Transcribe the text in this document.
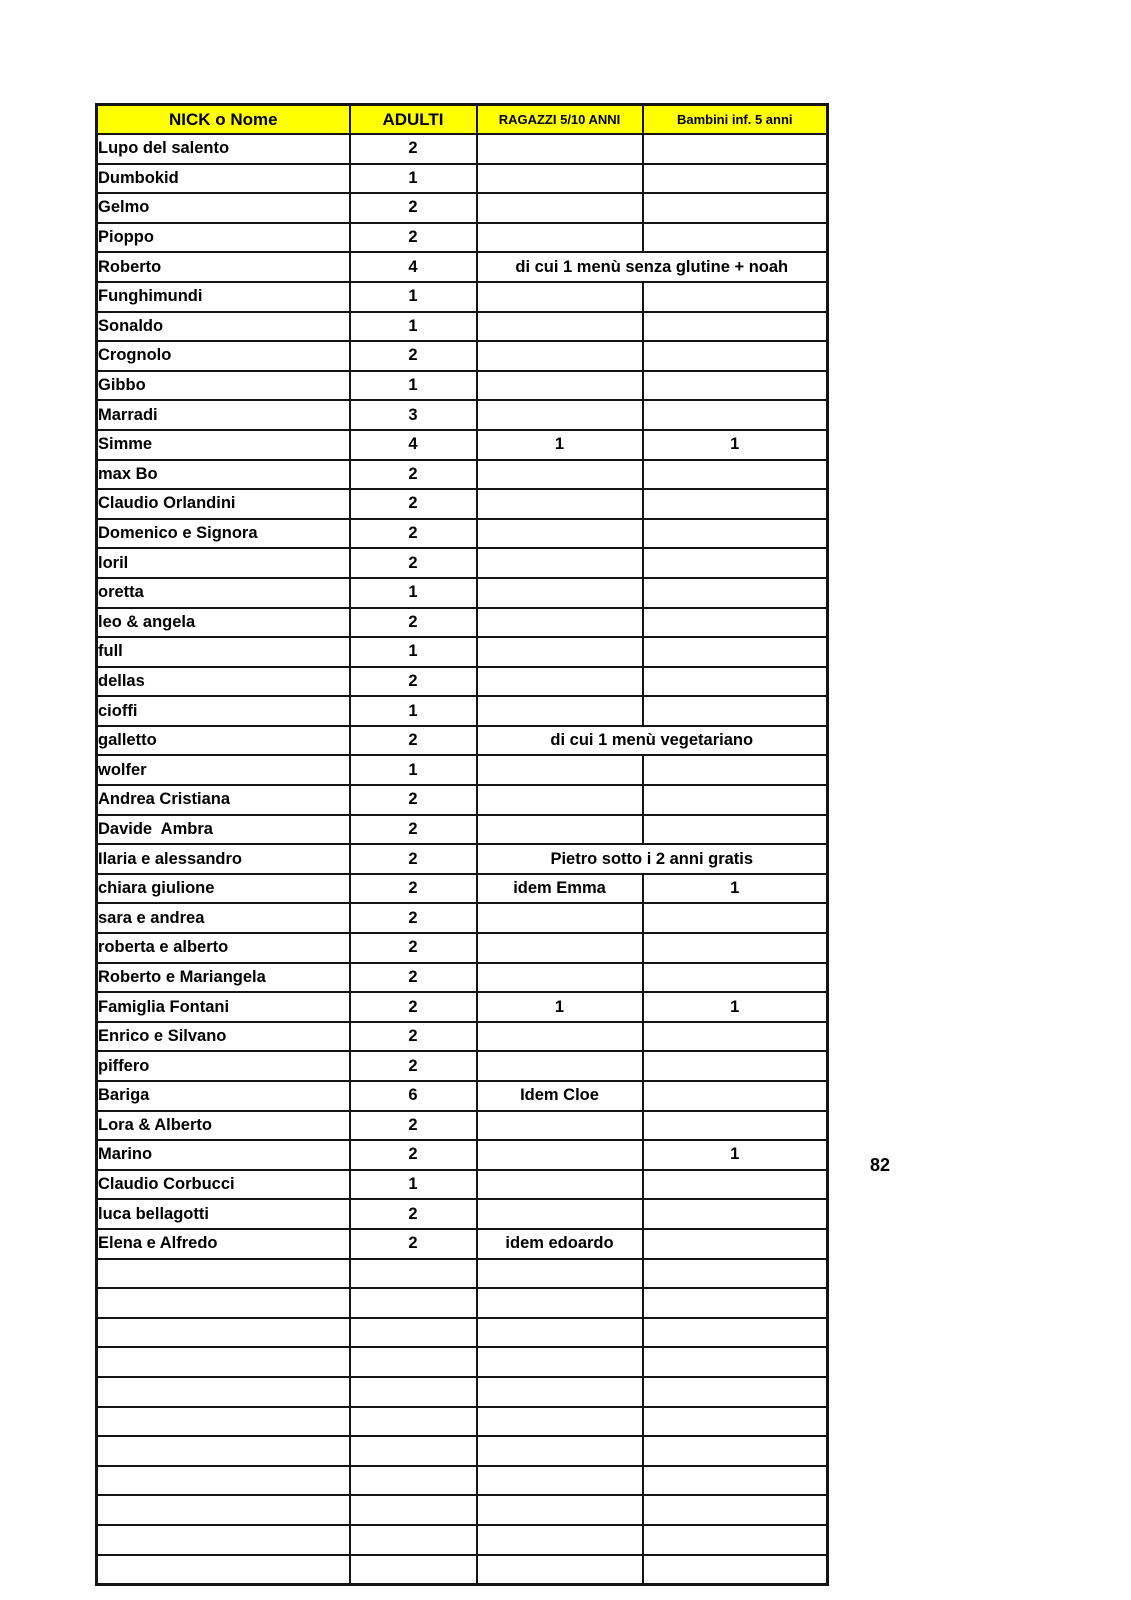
NICK o Nome	ADULTI	RAGAZZI 5/10 ANNI	Bambini inf. 5 anni
Lupo del salento	2		
Dumbokid	1		
Gelmo	2		
Pioppo	2		
Roberto	4	di cui 1 menù senza glutine + noah	
Funghimundi	1		
Sonaldo	1		
Crognolo	2		
Gibbo	1		
Marradi	3		
Simme	4	1	1
max Bo	2		
Claudio Orlandini	2		
Domenico e Signora	2		
loril	2		
oretta	1		
leo & angela	2		
full	1		
dellas	2		
cioffi	1		
galletto	2	di cui 1 menù vegetariano	
wolfer	1		
Andrea Cristiana	2		
Davide  Ambra	2		
Ilaria e alessandro	2	Pietro sotto i 2 anni gratis	
chiara giulione	2	idem Emma	1
sara e andrea	2		
roberta e alberto	2		
Roberto e Mariangela	2		
Famiglia Fontani	2	1	1
Enrico e Silvano	2		
piffero	2		
Bariga	6	Idem Cloe	
Lora & Alberto	2		
Marino	2		1
Claudio Corbucci	1		
luca bellagotti	2		
Elena e Alfredo	2	idem edoardo	

82
